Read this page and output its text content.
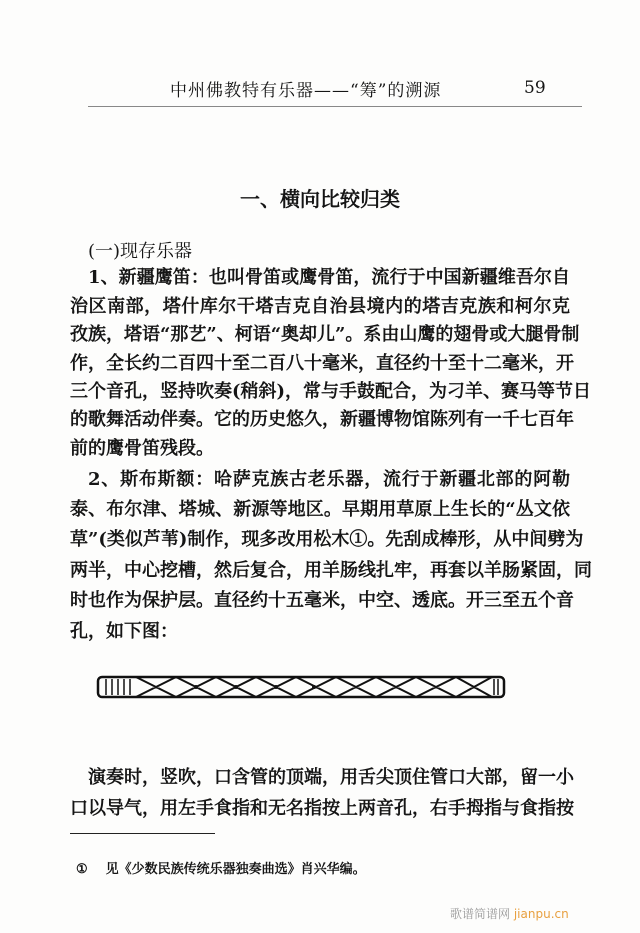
中州佛教特有乐器——“筹”的溯源	59
一、横向比较归类
(一)现存乐器
1、新疆鹰笛：也叫骨笛或鹰骨笛，流行于中国新疆维吾尔自
治区南部，塔什库尔干塔吉克自治县境内的塔吉克族和柯尔克
孜族，塔语“那艺”、柯语“奥却儿”。系由山鹰的翅骨或大腿骨制
作，全长约二百四十至二百八十毫米，直径约十至十二毫米，开
三个音孔，竖持吹奏(稍斜)，常与手鼓配合，为刁羊、赛马等节日
的歌舞活动伴奏。它的历史悠久，新疆博物馆陈列有一千七百年
前的鹰骨笛残段。
2、斯布斯额：哈萨克族古老乐器，流行于新疆北部的阿勒
泰、布尔津、塔城、新源等地区。早期用草原上生长的“丛文依
草”(类似芦苇)制作，现多改用松木①。先刮成棒形，从中间劈为
两半，中心挖槽，然后复合，用羊肠线扎牢，再套以羊肠紧固，同
时也作为保护层。直径约十五毫米，中空、透底。开三至五个音
孔，如下图：
演奏时，竖吹，口含管的顶端，用舌尖顶住管口大部，留一小
口以导气，用左手食指和无名指按上两音孔，右手拇指与食指按
① 见《少数民族传统乐器独奏曲选》肖兴华编。
歌谱简谱网 jianpu.cn
